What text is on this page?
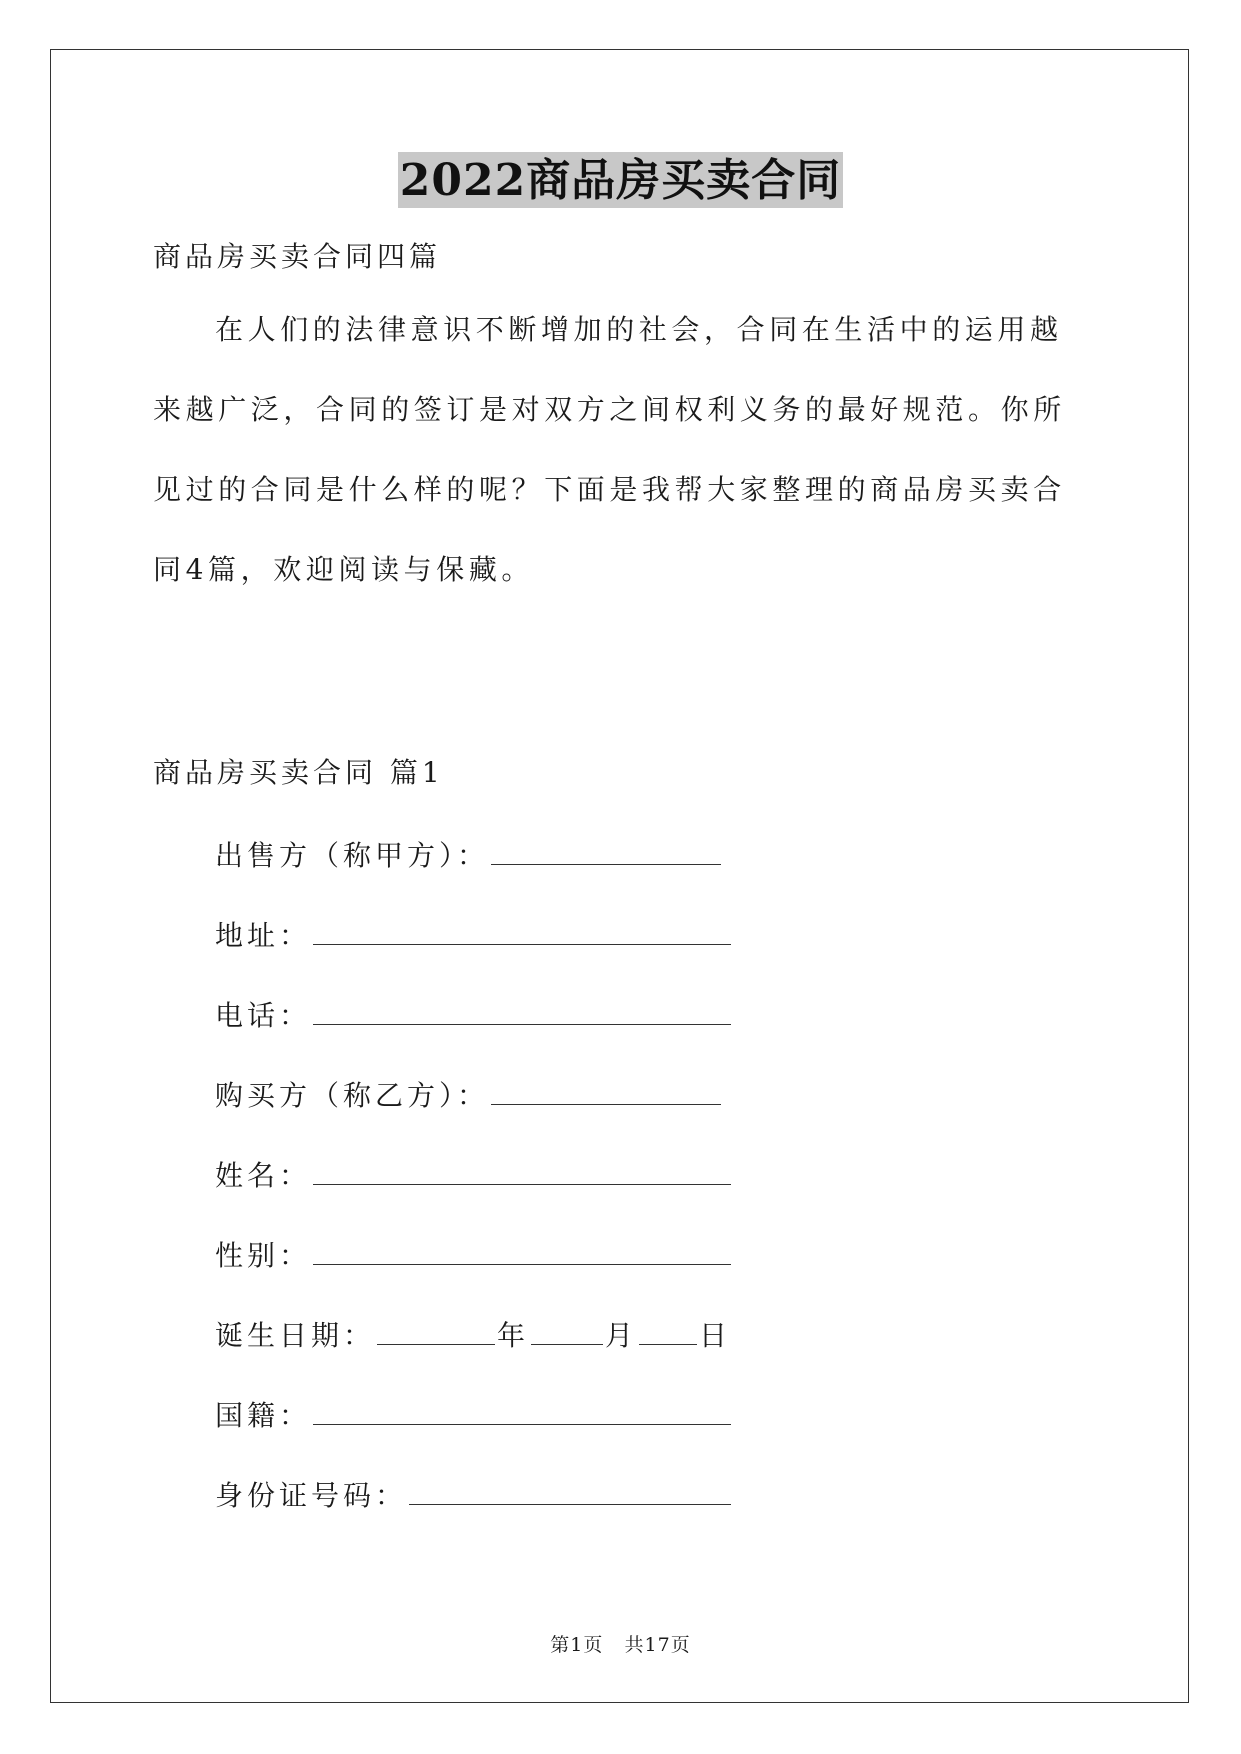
2022商品房买卖合同
商品房买卖合同四篇
在人们的法律意识不断增加的社会，合同在生活中的运用越来越广泛，合同的签订是对双方之间权利义务的最好规范。你所见过的合同是什么样的呢？下面是我帮大家整理的商品房买卖合同4篇，欢迎阅读与保藏。
商品房买卖合同 篇1
出售方（称甲方）：
地址：
电话：
购买方（称乙方）：
姓名：
性别：
诞生日期：	年	月 日
国籍：
身份证号码：
第1页 共17页
